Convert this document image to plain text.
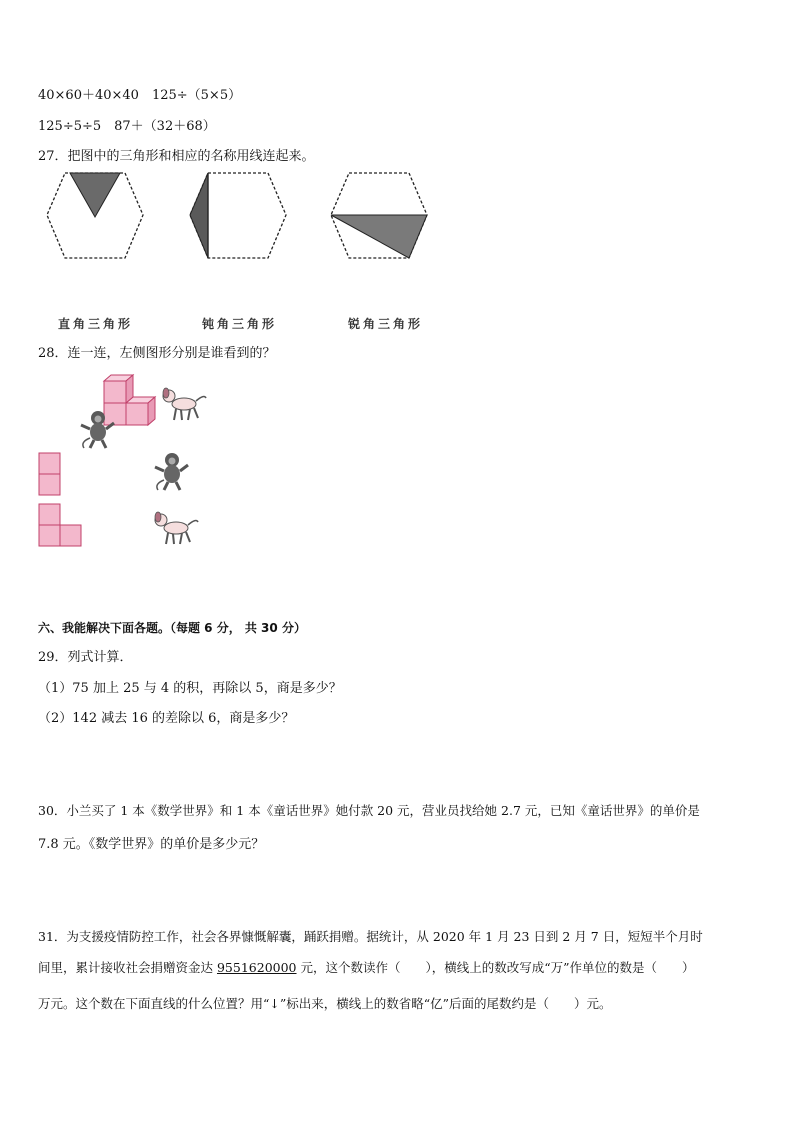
40×60＋40×40　125÷（5×5）
125÷5÷5　87＋（32＋68）
27．把图中的三角形和相应的名称用线连起来。
直角三角形	钝角三角形	锐角三角形
28．连一连，左侧图形分别是谁看到的？
六、我能解决下面各题。（每题 6 分， 共 30 分）
29．列式计算．
（1）75 加上 25 与 4 的积，再除以 5，商是多少？
（2）142 减去 16 的差除以 6，商是多少？
30．小兰买了 1 本《数学世界》和 1 本《童话世界》她付款 20 元，营业员找给她 2.7 元，已知《童话世界》的单价是
7.8 元。《数学世界》的单价是多少元？
31．为支援疫情防控工作，社会各界慷慨解囊，踊跃捐赠。据统计，从 2020 年 1 月 23 日到 2 月 7 日，短短半个月时
间里，累计接收社会捐赠资金达 9551620000 元，这个数读作（　　），横线上的数改写成“万”作单位的数是（　　）
万元。这个数在下面直线的什么位置？用“↓”标出来，横线上的数省略“亿”后面的尾数约是（　　）元。
